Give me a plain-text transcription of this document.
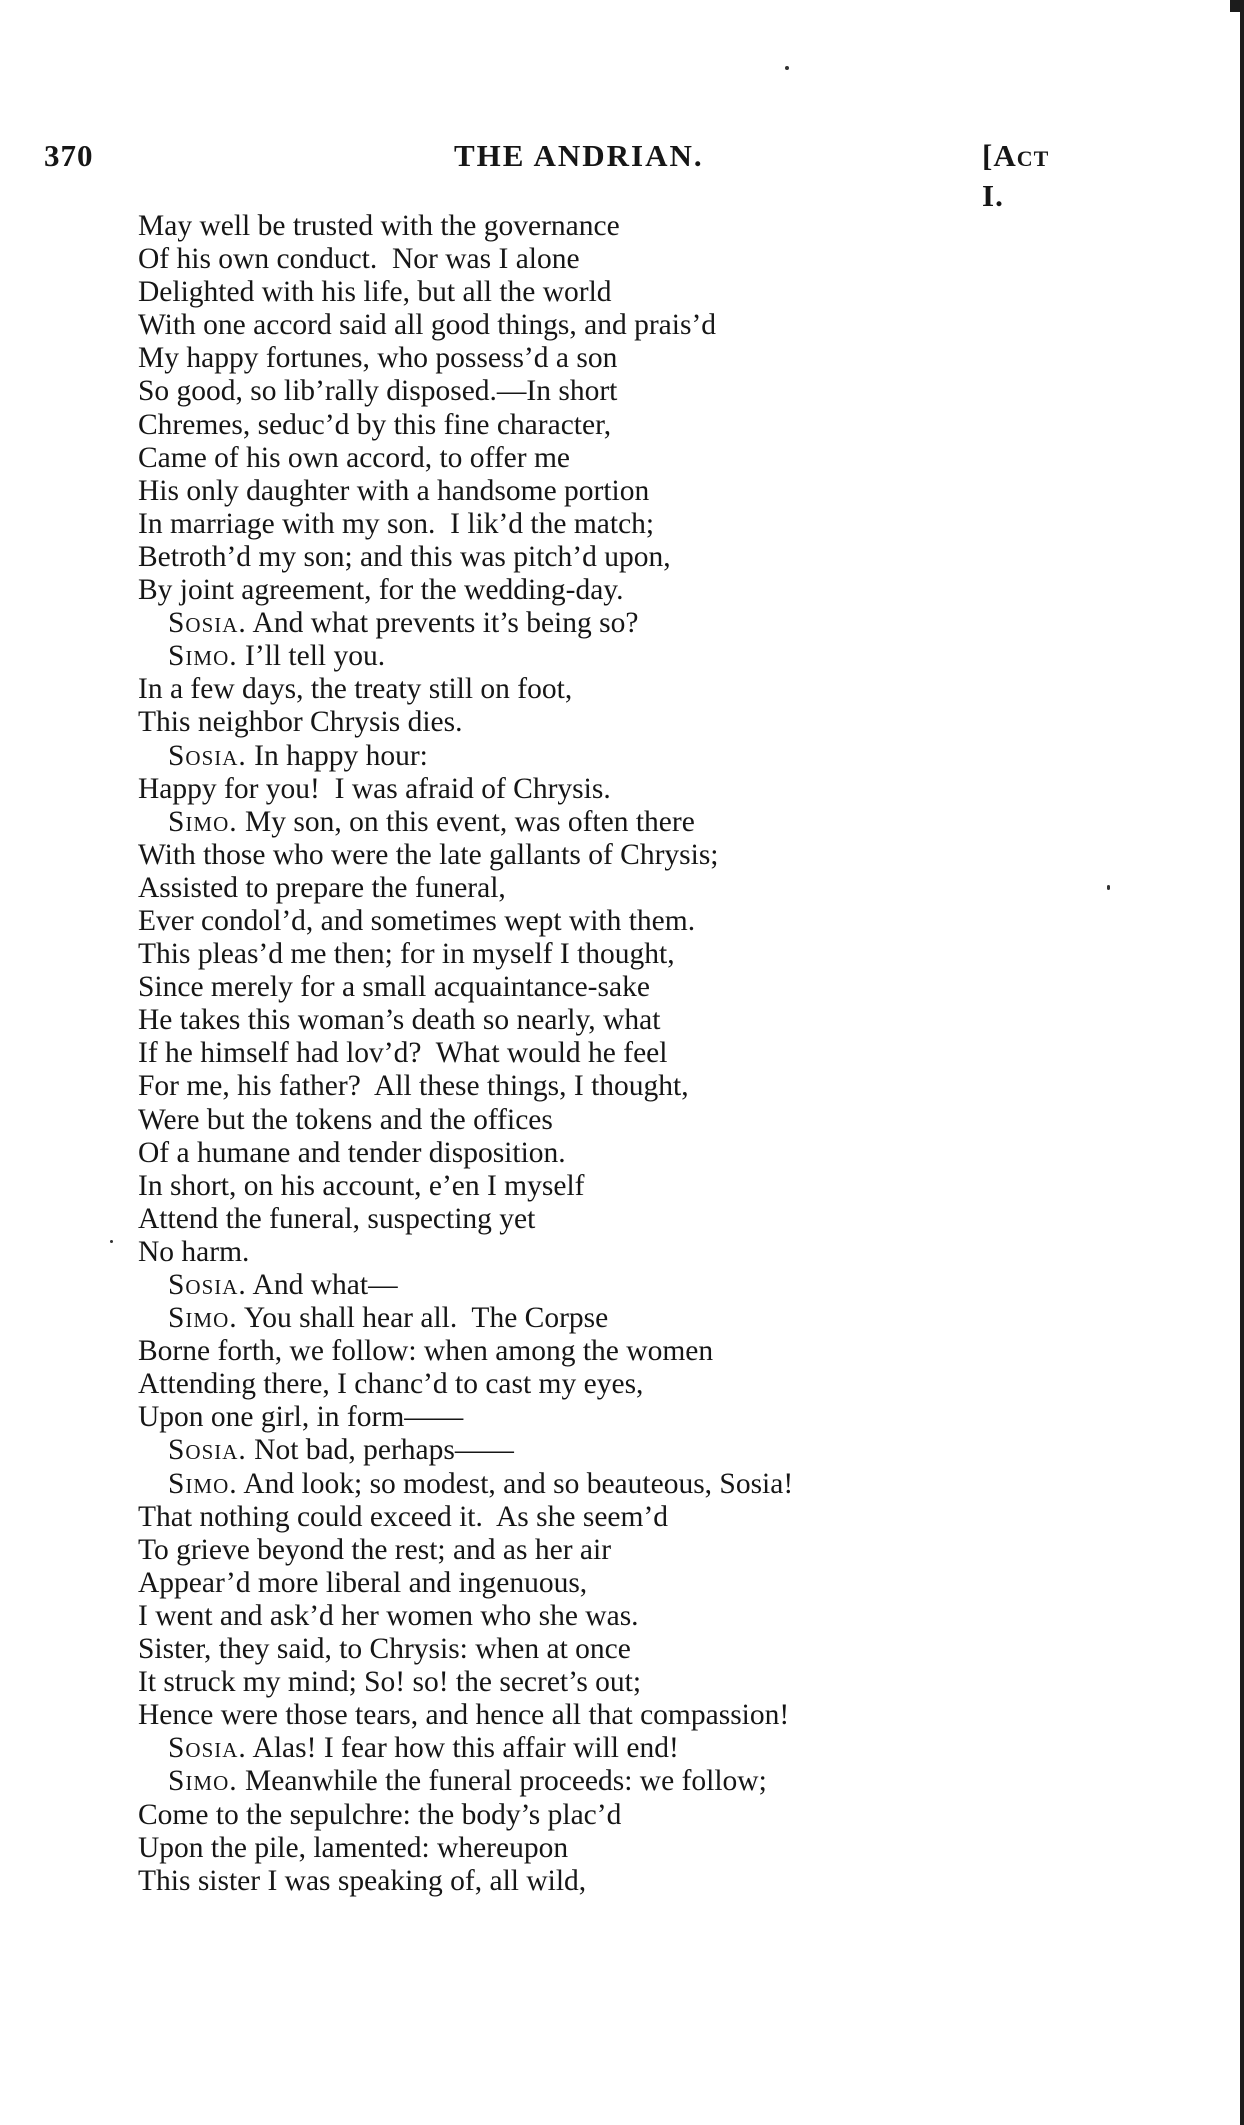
370	THE ANDRIAN.	[Act I.
May well be trusted with the governance
Of his own conduct.  Nor was I alone
Delighted with his life, but all the world
With one accord said all good things, and prais’d
My happy fortunes, who possess’d a son
So good, so lib’rally disposed.—In short
Chremes, seduc’d by this fine character,
Came of his own accord, to offer me
His only daughter with a handsome portion
In marriage with my son.  I lik’d the match;
Betroth’d my son; and this was pitch’d upon,
By joint agreement, for the wedding-day.
Sosia. And what prevents it’s being so?
Simo. I’ll tell you.
In a few days, the treaty still on foot,
This neighbor Chrysis dies.
Sosia. In happy hour:
Happy for you!  I was afraid of Chrysis.
Simo. My son, on this event, was often there
With those who were the late gallants of Chrysis;
Assisted to prepare the funeral,
Ever condol’d, and sometimes wept with them.
This pleas’d me then; for in myself I thought,
Since merely for a small acquaintance-sake
He takes this woman’s death so nearly, what
If he himself had lov’d?  What would he feel
For me, his father?  All these things, I thought,
Were but the tokens and the offices
Of a humane and tender disposition.
In short, on his account, e’en I myself
Attend the funeral, suspecting yet
No harm.
Sosia. And what—
Simo. You shall hear all.  The Corpse
Borne forth, we follow: when among the women
Attending there, I chanc’d to cast my eyes,
Upon one girl, in form——
Sosia. Not bad, perhaps——
Simo. And look; so modest, and so beauteous, Sosia!
That nothing could exceed it.  As she seem’d
To grieve beyond the rest; and as her air
Appear’d more liberal and ingenuous,
I went and ask’d her women who she was.
Sister, they said, to Chrysis: when at once
It struck my mind; So! so! the secret’s out;
Hence were those tears, and hence all that compassion!
Sosia. Alas! I fear how this affair will end!
Simo. Meanwhile the funeral proceeds: we follow;
Come to the sepulchre: the body’s plac’d
Upon the pile, lamented: whereupon
This sister I was speaking of, all wild,
